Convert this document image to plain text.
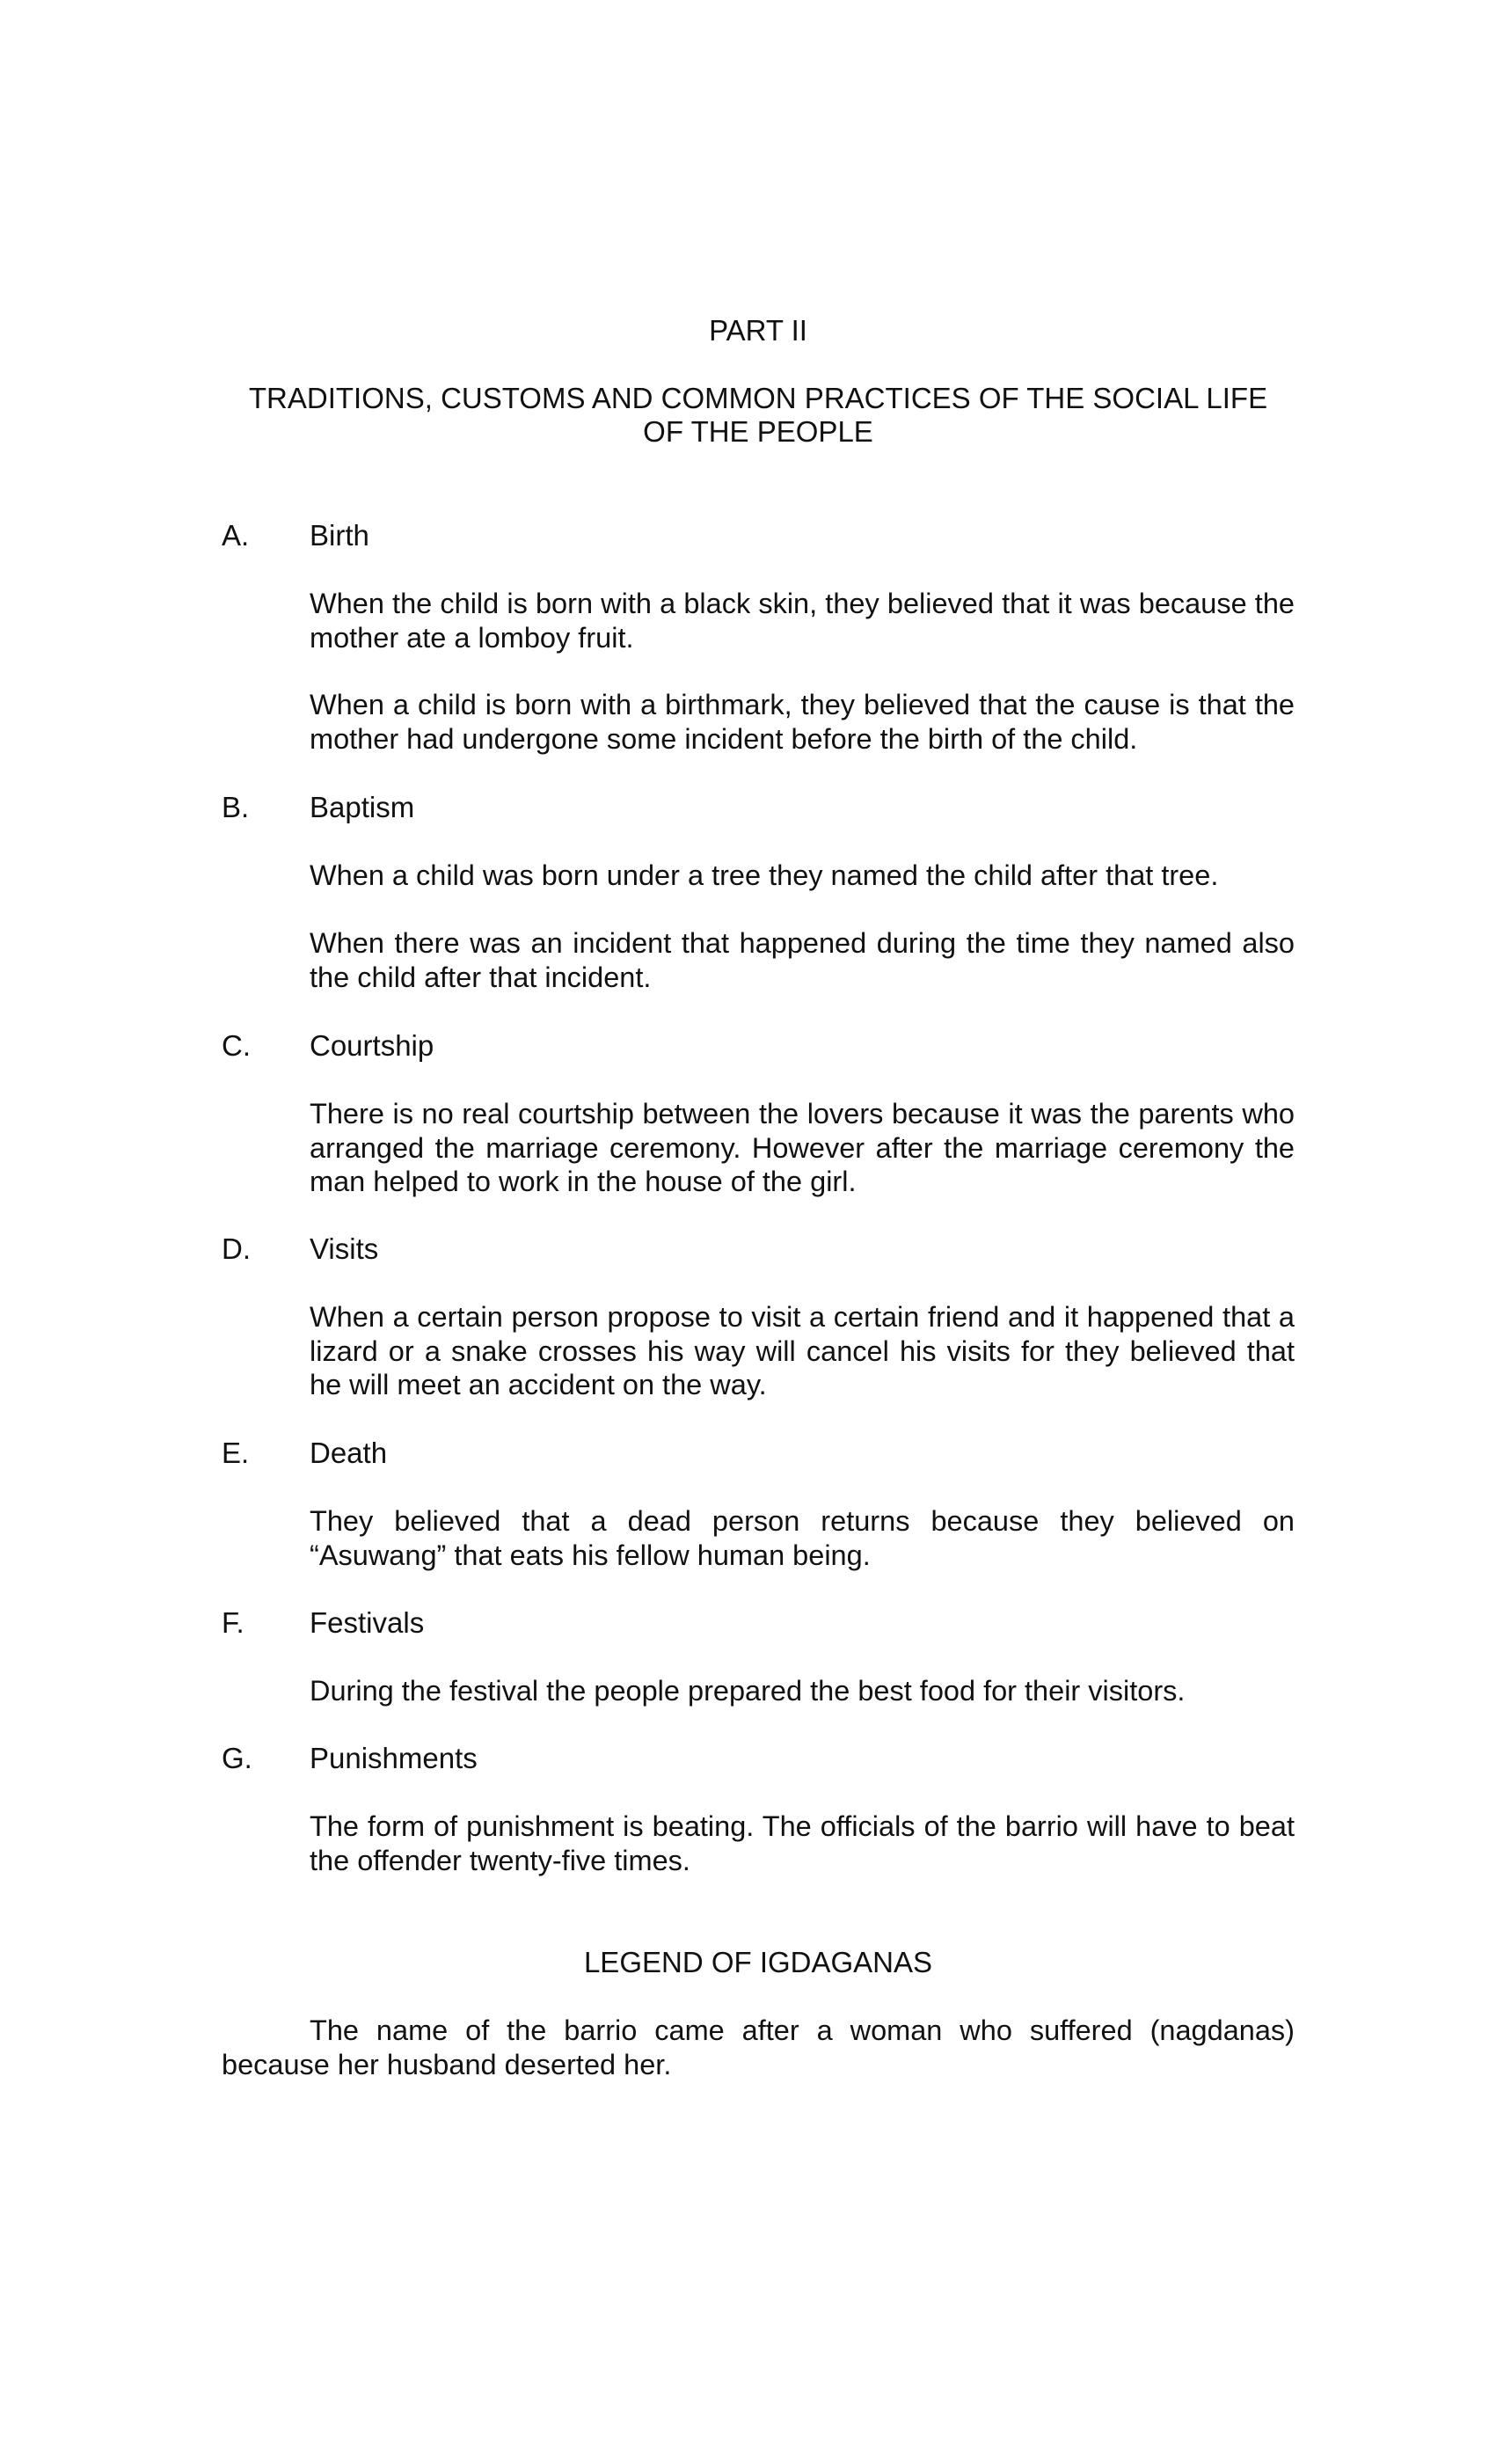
PART II
TRADITIONS, CUSTOMS AND COMMON PRACTICES OF THE SOCIAL LIFE
OF THE PEOPLE
A. Birth

When the child is born with a black skin, they believed that it was because the mother ate a lomboy fruit.

When a child is born with a birthmark, they believed that the cause is that the mother had undergone some incident before the birth of the child.

B. Baptism

When a child was born under a tree they named the child after that tree.

When there was an incident that happened during the time they named also the child after that incident.

C. Courtship

There is no real courtship between the lovers because it was the parents who arranged the marriage ceremony. However after the marriage ceremony the man helped to work in the house of the girl.

D. Visits

When a certain person propose to visit a certain friend and it happened that a lizard or a snake crosses his way will cancel his visits for they believed that he will meet an accident on the way.

E. Death

They believed that a dead person returns because they believed on “Asuwang” that eats his fellow human being.

F. Festivals

During the festival the people prepared the best food for their visitors.

G. Punishments

The form of punishment is beating. The officials of the barrio will have to beat the offender twenty-five times.

LEGEND OF IGDAGANAS

The name of the barrio came after a woman who suffered (nagdanas) because her husband deserted her.
